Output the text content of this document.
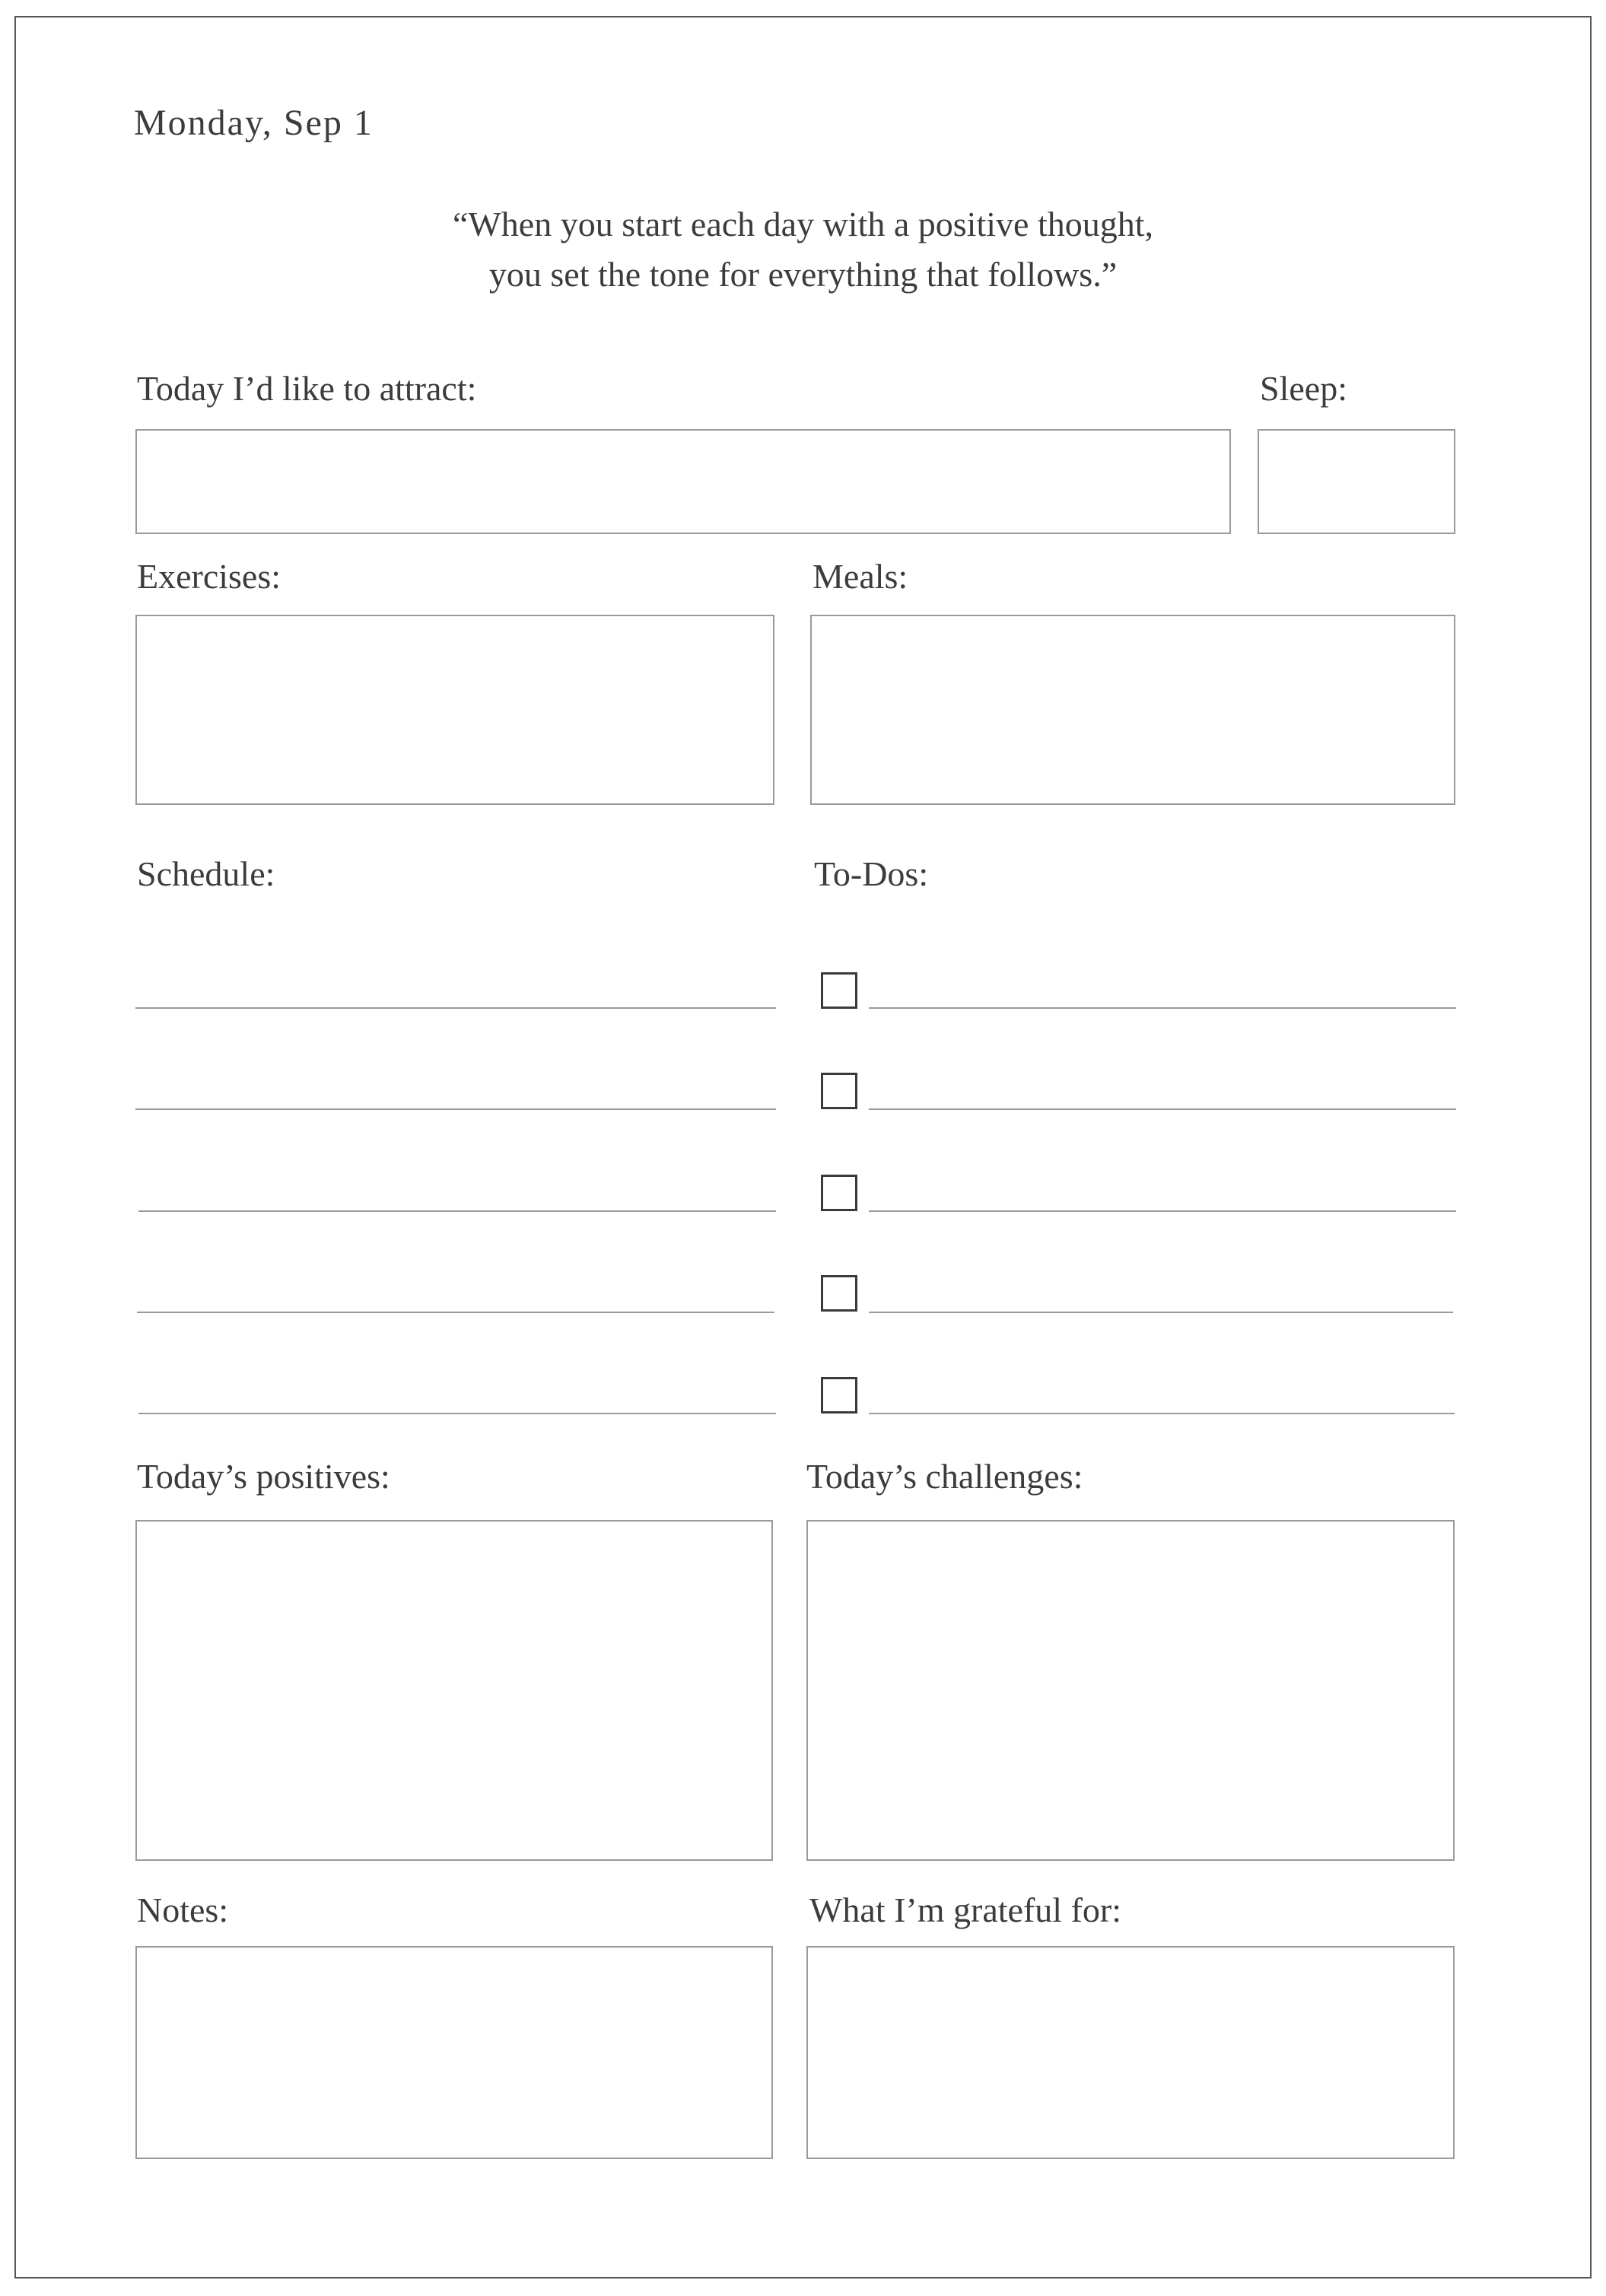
Monday, Sep 1
“When you start each day with a positive thought,
you set the tone for everything that follows.”
Today I’d like to attract:	Sleep:
Exercises:	Meals:
Schedule:	To-Dos:
Today’s positives:	Today’s challenges:
Notes:	What I’m grateful for:
